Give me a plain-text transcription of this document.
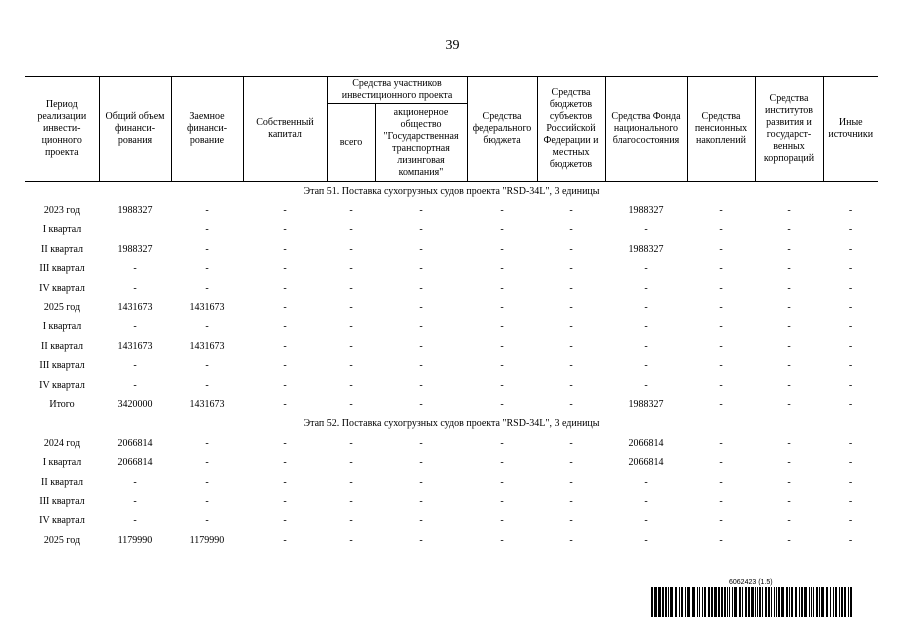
39
Период реализации инвести-ционного проекта	Общий объем финанси-рования	Заемное финанси-рование	Собственный капитал	Средства участников инвестиционного проекта		Средства федерального бюджета	Средства бюджетов субъектов Российской Федерации и местных бюджетов	Средства Фонда национального благосостояния	Средства пенсионных накоплений	Средства институтов развития и государст-венных корпораций	Иные источники
				всего	акционерное общество "Государственная транспортная лизинговая компания"						
Этап 51. Поставка сухогрузных судов проекта "RSD-34L", 3 единицы											
2023 год	1988327	-	-	-	-	-	-	1988327	-	-	-
I квартал		-	-	-	-	-	-	-	-	-	-
II квартал	1988327	-	-	-	-	-	-	1988327	-	-	-
III квартал	-	-	-	-	-	-	-	-	-	-	-
IV квартал	-	-	-	-	-	-	-	-	-	-	-
2025 год	1431673	1431673	-	-	-	-	-	-	-	-	-
I квартал	-	-	-	-	-	-	-	-	-	-	-
II квартал	1431673	1431673	-	-	-	-	-	-	-	-	-
III квартал	-	-	-	-	-	-	-	-	-	-	-
IV квартал	-	-	-	-	-	-	-	-	-	-	-
Итого	3420000	1431673	-	-	-	-	-	1988327	-	-	-
Этап 52. Поставка сухогрузных судов проекта "RSD-34L", 3 единицы											
2024 год	2066814	-	-	-	-	-	-	2066814	-	-	-
I квартал	2066814	-	-	-	-	-	-	2066814	-	-	-
II квартал	-	-	-	-	-	-	-	-	-	-	-
III квартал	-	-	-	-	-	-	-	-	-	-	-
IV квартал	-	-	-	-	-	-	-	-	-	-	-
2025 год	1179990	1179990	-	-	-	-	-	-	-	-	-
6062423 (1.5)
